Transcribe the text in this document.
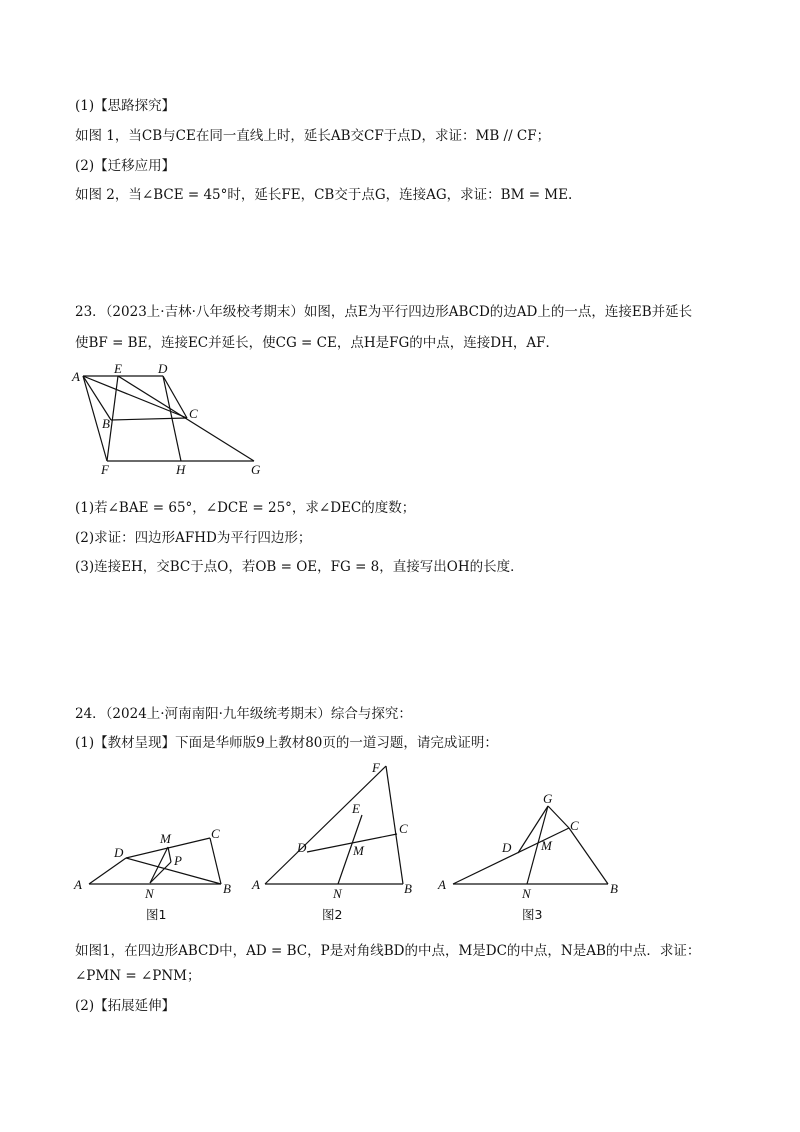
(1)【思路探究】
如图 1，当CB与CE在同一直线上时，延长AB交CF于点D，求证：MB // CF；
(2)【迁移应用】
如图 2，当∠BCE = 45°时，延长FE，CB交于点G，连接AG，求证：BM = ME.
23．（2023上·吉林·八年级校考期末）如图，点E为平行四边形ABCD的边AD上的一点，连接EB并延长
使BF = BE，连接EC并延长，使CG = CE，点H是FG的中点，连接DH，AF．
A
E	D
C
B
F	H	G
(1)若∠BAE = 65°，∠DCE = 25°，求∠DEC的度数；
(2)求证：四边形AFHD为平行四边形；
(3)连接EH，交BC于点O，若OB = OE，FG = 8，直接写出OH的长度．
24．（2024上·河南南阳·九年级统考期末）综合与探究：
(1)【教材呈现】下面是华师版9上教材80页的一道习题，请完成证明：
A
D
M	C
P
N	B
图1
F
E
C
D	M
A
N	B
图2
G
C
D M
A
N	B
图3
如图1，在四边形ABCD中，AD = BC，P是对角线BD的中点，M是DC的中点，N是AB的中点．求证：
∠PMN = ∠PNM；
(2)【拓展延伸】
